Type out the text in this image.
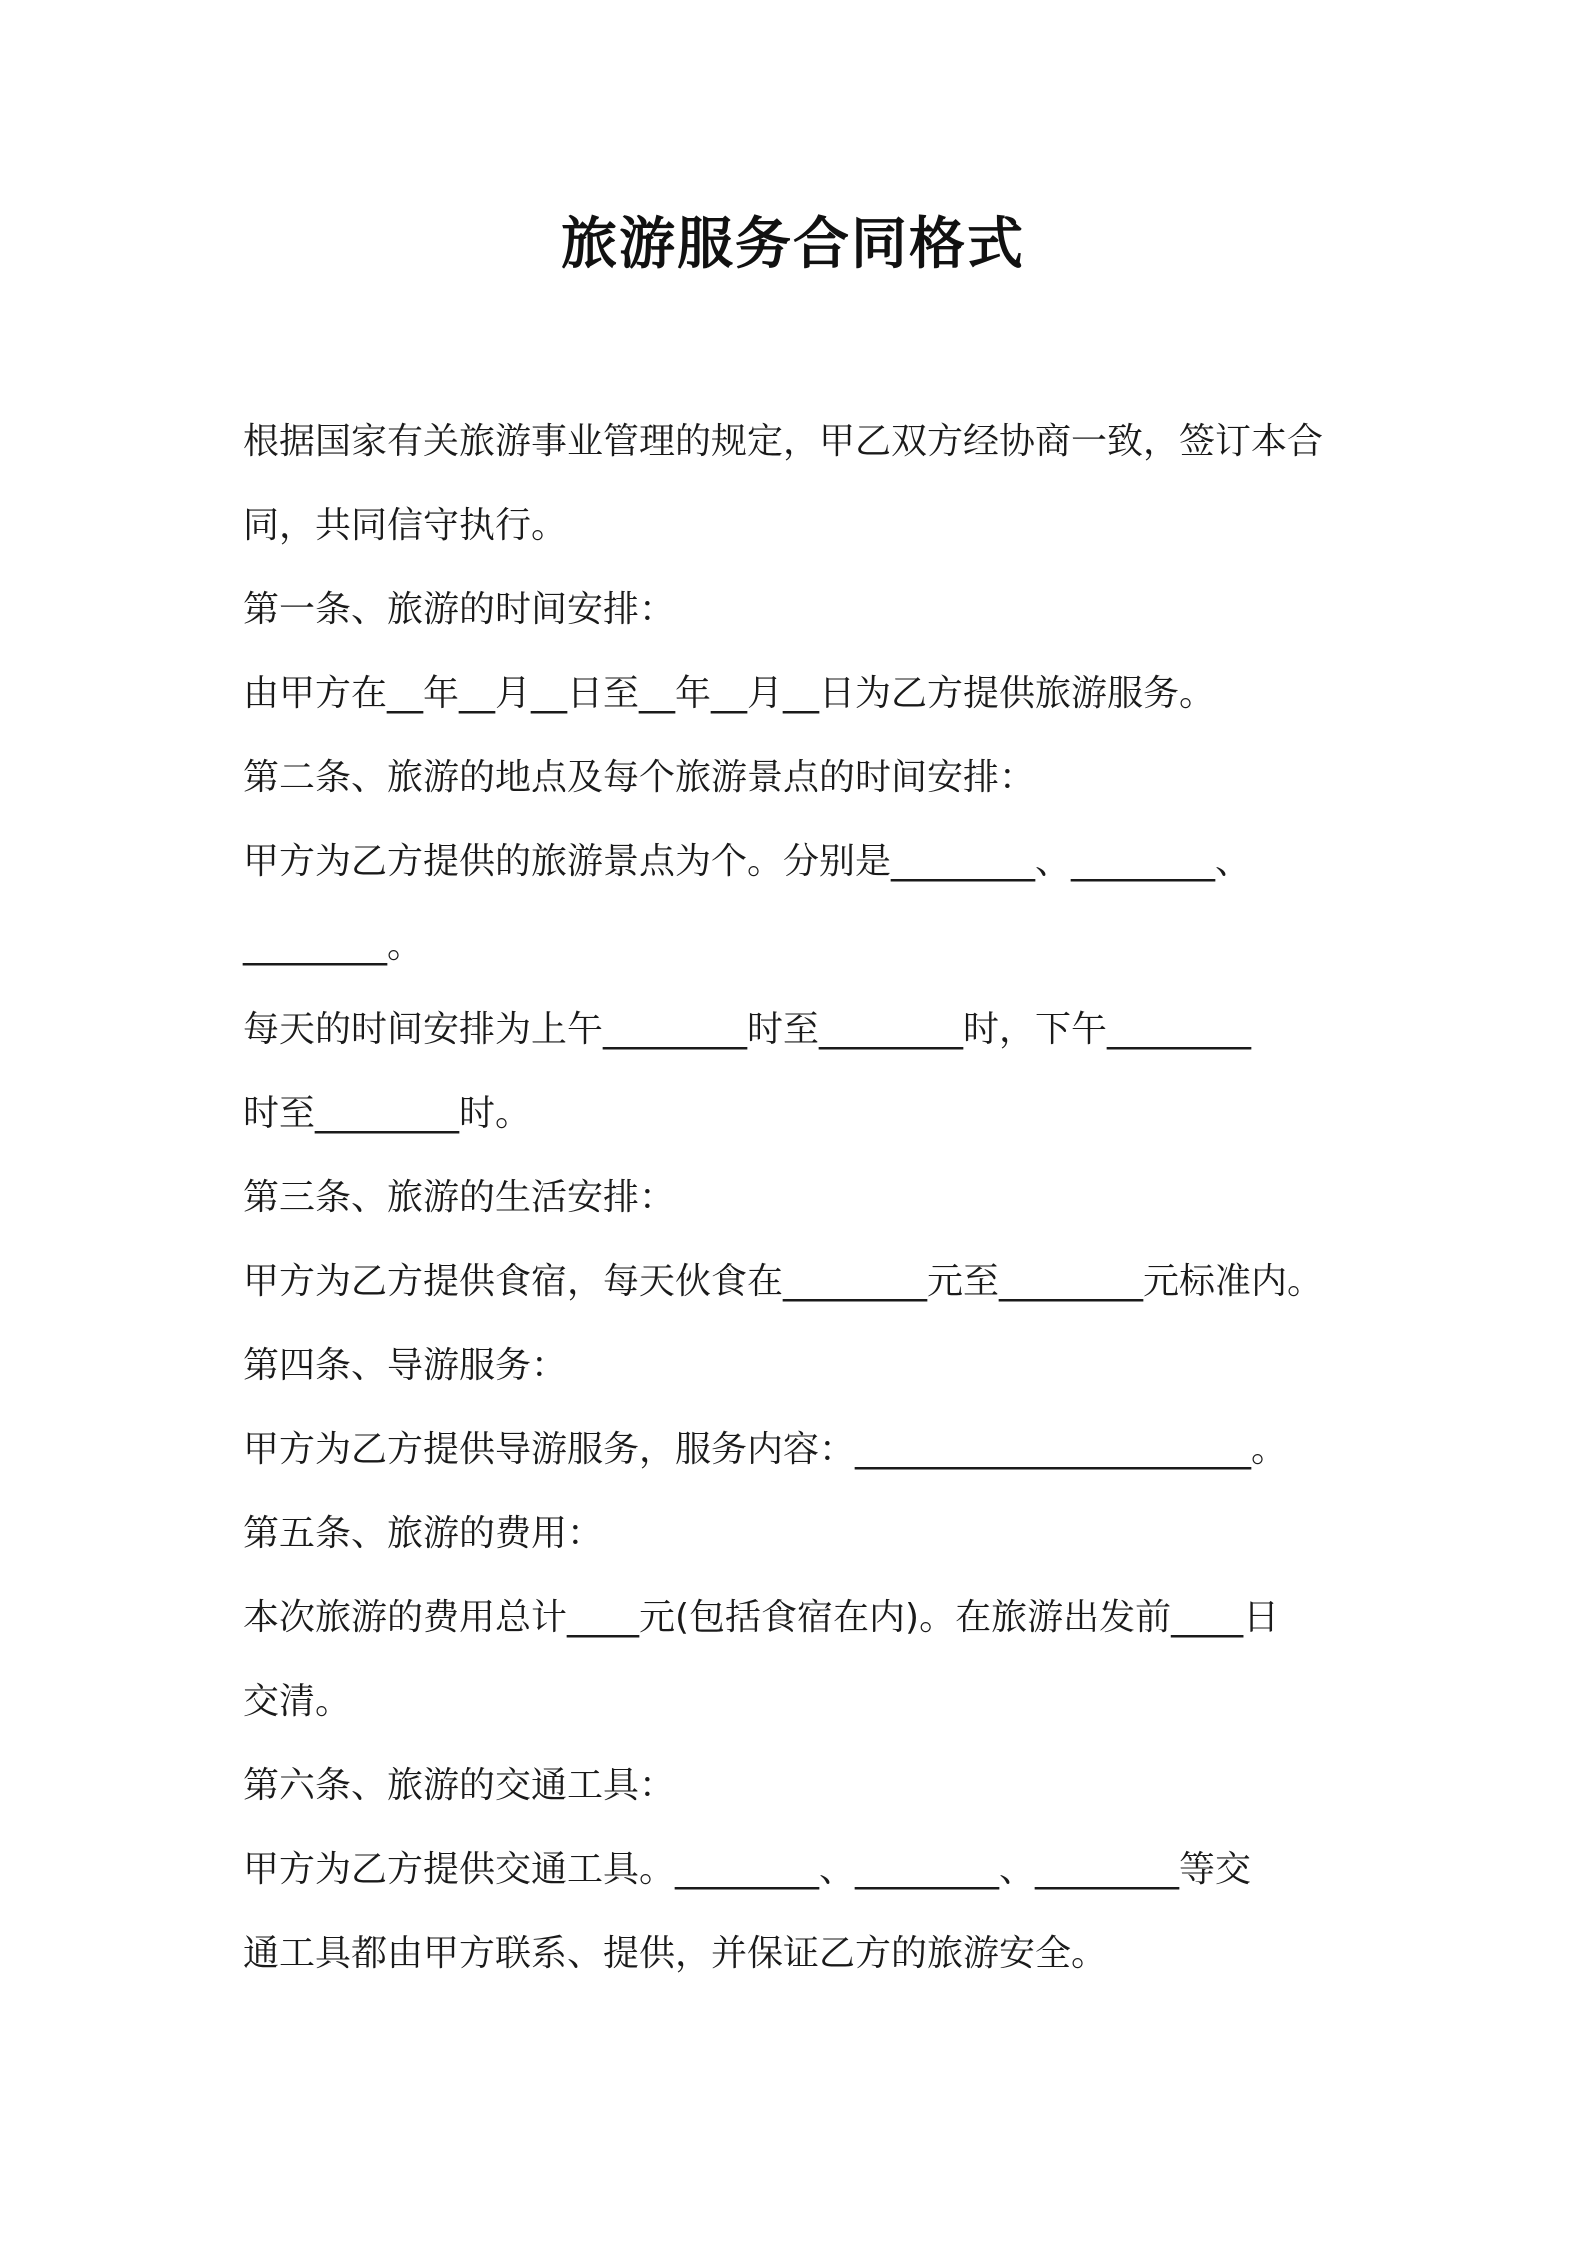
旅游服务合同格式

根据国家有关旅游事业管理的规定，甲乙双方经协商一致，签订本合

同，共同信守执行。

第一条、旅游的时间安排：

由甲方在__年__月__日至__年__月__日为乙方提供旅游服务。

第二条、旅游的地点及每个旅游景点的时间安排：

甲方为乙方提供的旅游景点为个。分别是________、________、

________。

每天的时间安排为上午________时至________时，下午________

时至________时。

第三条、旅游的生活安排：

甲方为乙方提供食宿，每天伙食在________元至________元标准内。

第四条、导游服务：

甲方为乙方提供导游服务，服务内容：______________________。

第五条、旅游的费用：

本次旅游的费用总计____元(包括食宿在内)。在旅游出发前____日

交清。

第六条、旅游的交通工具：

甲方为乙方提供交通工具。________、________、________等交

通工具都由甲方联系、提供，并保证乙方的旅游安全。
